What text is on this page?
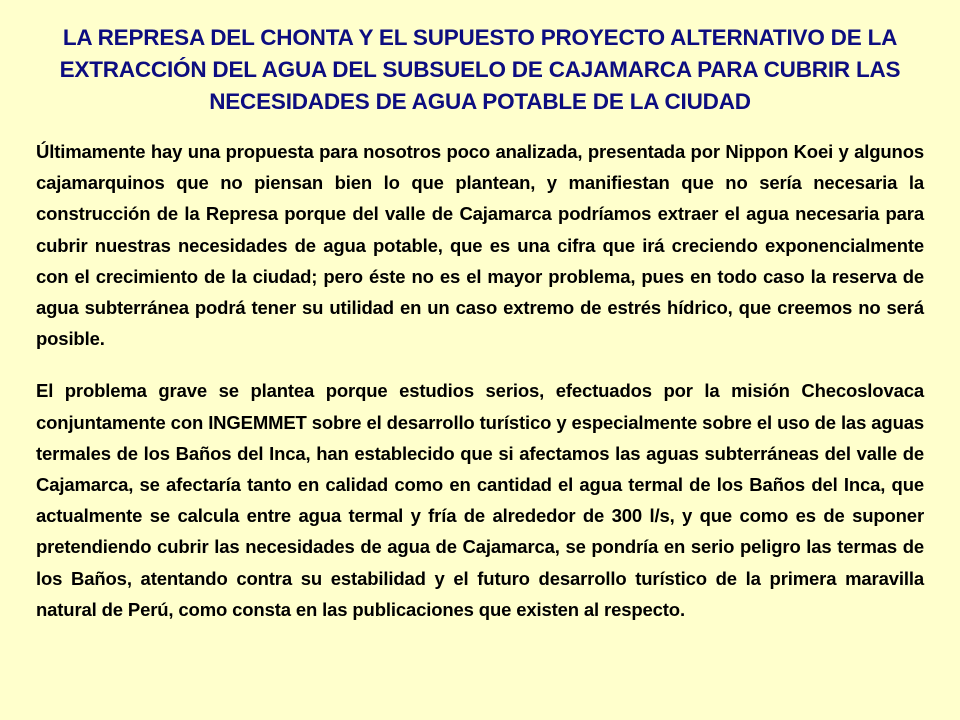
LA REPRESA DEL CHONTA Y EL SUPUESTO PROYECTO ALTERNATIVO DE LA EXTRACCIÓN DEL AGUA DEL SUBSUELO DE CAJAMARCA PARA CUBRIR LAS NECESIDADES DE AGUA POTABLE DE LA CIUDAD

Últimamente hay una propuesta para nosotros poco analizada, presentada por Nippon Koei y algunos cajamarquinos que no piensan bien lo que plantean, y manifiestan que no sería necesaria la construcción de la Represa porque del valle de Cajamarca podríamos extraer el agua necesaria para cubrir nuestras necesidades de agua potable, que es una cifra que irá creciendo exponencialmente con el crecimiento de la ciudad; pero éste no es el mayor problema, pues en todo caso la reserva de agua subterránea podrá tener su utilidad en un caso extremo de estrés hídrico, que creemos no será posible.

El problema grave se plantea porque estudios serios, efectuados por la misión Checoslovaca conjuntamente con INGEMMET sobre el desarrollo turístico y especialmente sobre el uso de las aguas termales de los Baños del Inca, han establecido que si afectamos las aguas subterráneas del valle de Cajamarca, se afectaría tanto en calidad como en cantidad el agua termal de los Baños del Inca, que actualmente se calcula entre agua termal y fría de alrededor de 300 l/s, y que como es de suponer pretendiendo cubrir las necesidades de agua de Cajamarca, se pondría en serio peligro las termas de los Baños, atentando contra su estabilidad y el futuro desarrollo turístico de la primera maravilla natural de Perú, como consta en las publicaciones que existen al respecto.
